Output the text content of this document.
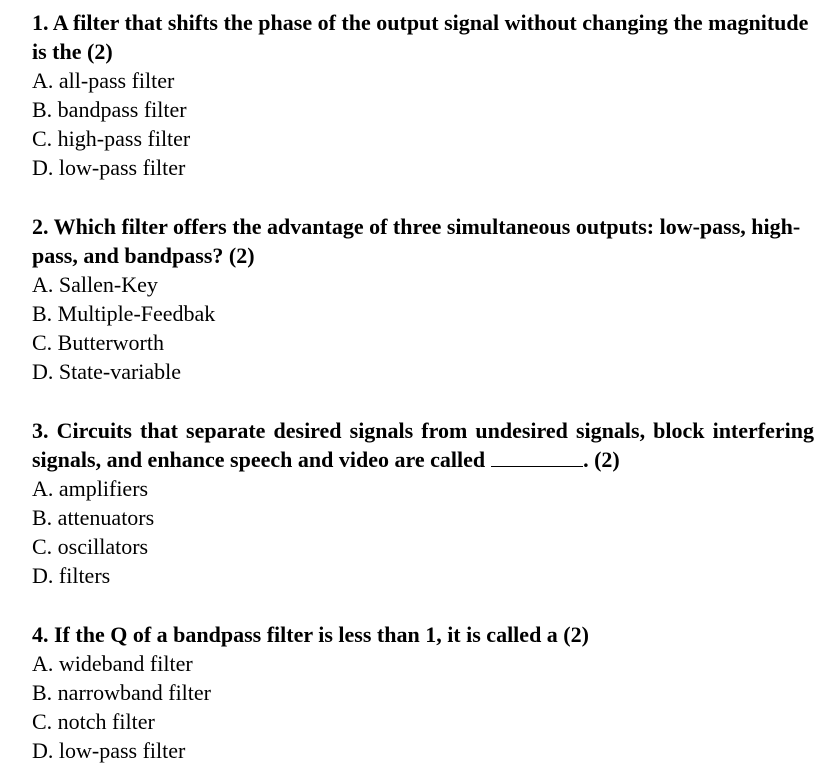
1. A filter that shifts the phase of the output signal without changing the magnitude is the (2)

A. all-pass filter

B. bandpass filter

C. high-pass filter

D. low-pass filter

2. Which filter offers the advantage of three simultaneous outputs: low-pass, high-pass, and bandpass? (2)

A. Sallen-Key

B. Multiple-Feedbak

C. Butterworth

D. State-variable

3. Circuits that separate desired signals from undesired signals, block interfering signals, and enhance speech and video are called	. (2)

A. amplifiers

B. attenuators

C. oscillators

D. filters

4. If the Q of a bandpass filter is less than 1, it is called a (2)

A. wideband filter

B. narrowband filter

C. notch filter

D. low-pass filter
